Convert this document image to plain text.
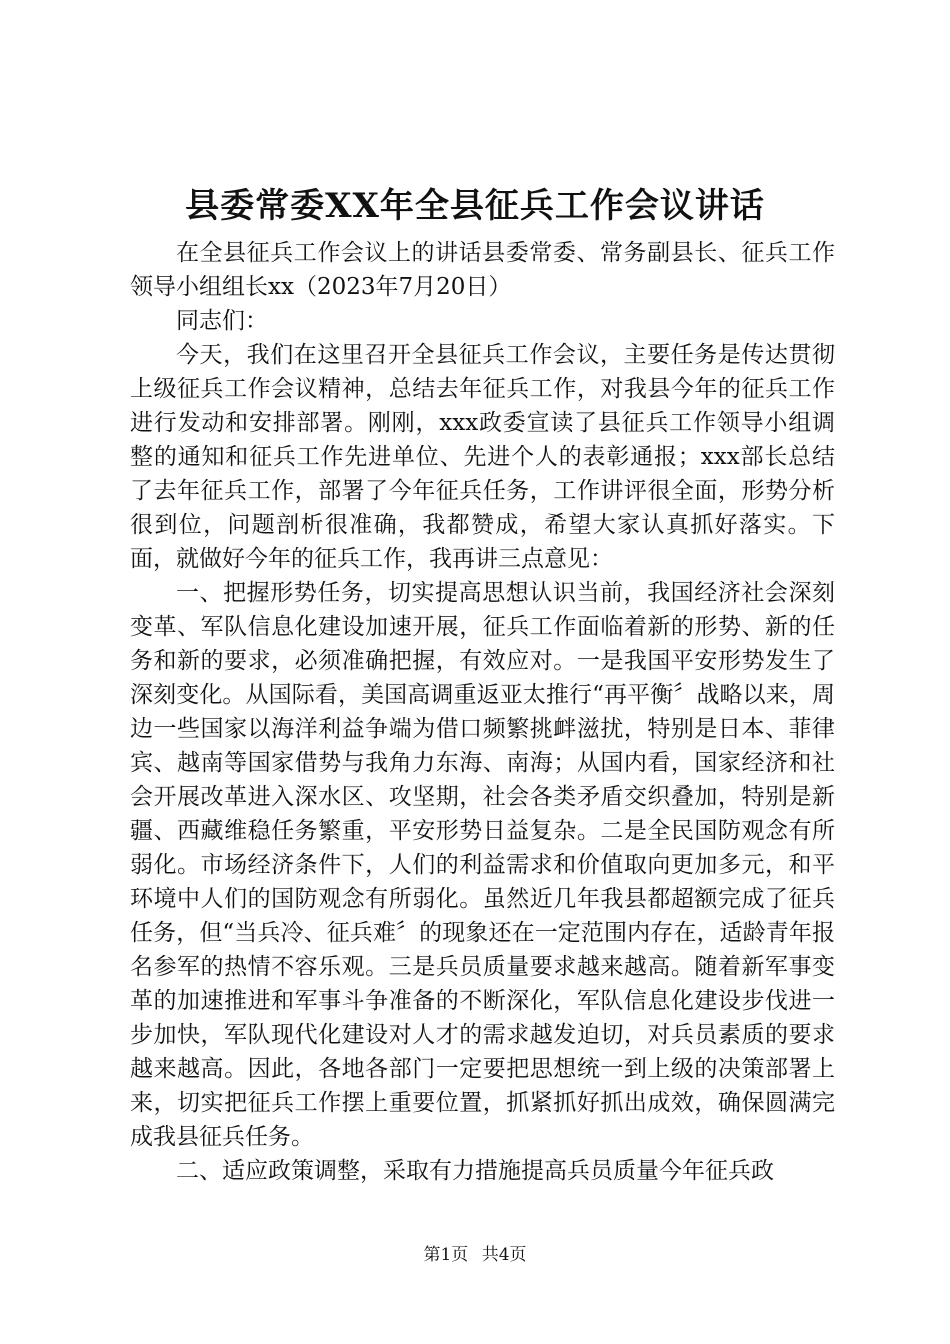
县委常委XX年全县征兵工作会议讲话

在全县征兵工作会议上的讲话县委常委、常务副县长、征兵工作领导小组组长xx（2023年7月20日）

同志们：

今天，我们在这里召开全县征兵工作会议，主要任务是传达贯彻上级征兵工作会议精神，总结去年征兵工作，对我县今年的征兵工作进行发动和安排部署。刚刚，xxx政委宣读了县征兵工作领导小组调整的通知和征兵工作先进单位、先进个人的表彰通报；xxx部长总结了去年征兵工作，部署了今年征兵任务，工作讲评很全面，形势分析很到位，问题剖析很准确，我都赞成，希望大家认真抓好落实。下面，就做好今年的征兵工作，我再讲三点意见：

一、把握形势任务，切实提高思想认识当前，我国经济社会深刻变革、军队信息化建设加速开展，征兵工作面临着新的形势、新的任务和新的要求，必须准确把握，有效应对。一是我国平安形势发生了深刻变化。从国际看，美国高调重返亚太推行“再平衡〞战略以来，周边一些国家以海洋利益争端为借口频繁挑衅滋扰，特别是日本、菲律宾、越南等国家借势与我角力东海、南海；从国内看，国家经济和社会开展改革进入深水区、攻坚期，社会各类矛盾交织叠加，特别是新疆、西藏维稳任务繁重，平安形势日益复杂。二是全民国防观念有所弱化。市场经济条件下，人们的利益需求和价值取向更加多元，和平环境中人们的国防观念有所弱化。虽然近几年我县都超额完成了征兵任务，但“当兵冷、征兵难〞的现象还在一定范围内存在，适龄青年报名参军的热情不容乐观。三是兵员质量要求越来越高。随着新军事变革的加速推进和军事斗争准备的不断深化，军队信息化建设步伐进一步加快，军队现代化建设对人才的需求越发迫切，对兵员素质的要求越来越高。因此，各地各部门一定要把思想统一到上级的决策部署上来，切实把征兵工作摆上重要位置，抓紧抓好抓出成效，确保圆满完成我县征兵任务。

二、适应政策调整，采取有力措施提高兵员质量今年征兵政

第1页 共4页
